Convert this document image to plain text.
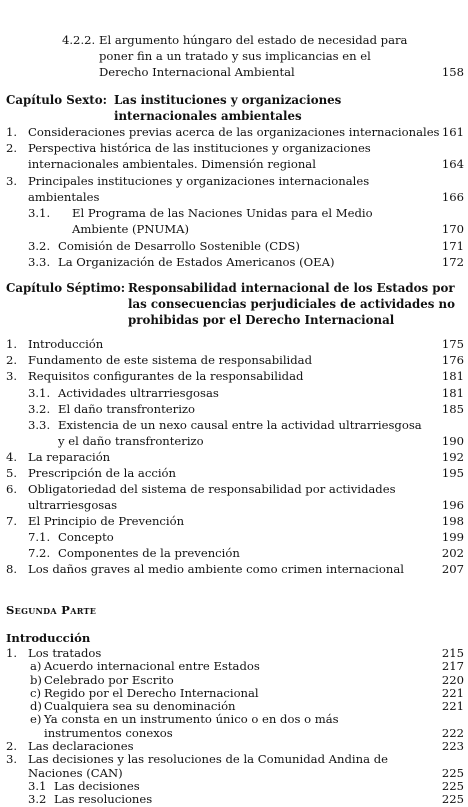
4.2.2. El argumento húngaro del estado de necesidad para
poner fin a un tratado y sus implicancias en el
Derecho Internacional Ambiental	158
Capítulo Sexto: Las instituciones y organizaciones
internacionales ambientales
1. Consideraciones previas acerca de las organizaciones internacionales 161
2. Perspectiva histórica de las instituciones y organizaciones
internacionales ambientales. Dimensión regional	164
3. Principales instituciones y organizaciones internacionales
ambientales	166
3.1. El Programa de las Naciones Unidas para el Medio
Ambiente (PNUMA)	170
3.2. Comisión de Desarrollo Sostenible (CDS)	171
3.3. La Organización de Estados Americanos (OEA)	172
Capítulo Séptimo: Responsabilidad internacional de los Estados por
las consecuencias perjudiciales de actividades no
prohibidas por el Derecho Internacional
1. Introducción	175
2. Fundamento de este sistema de responsabilidad	176
3. Requisitos configurantes de la responsabilidad	181
3.1. Actividades ultrarriesgosas	181
3.2. El daño transfronterizo	185
3.3. Existencia de un nexo causal entre la actividad ultrarriesgosa
y el daño transfronterizo	190
4. La reparación	192
5. Prescripción de la acción	195
6. Obligatoriedad del sistema de responsabilidad por actividades
ultrarriesgosas	196
7. El Principio de Prevención	198
7.1. Concepto	199
7.2. Componentes de la prevención	202
8. Los daños graves al medio ambiente como crimen internacional	207
Segunda Parte
Introducción
1. Los tratados	215
a) Acuerdo internacional entre Estados	217
b) Celebrado por Escrito	220
c) Regido por el Derecho Internacional	221
d) Cualquiera sea su denominación	221
e) Ya consta en un instrumento único o en dos o más
instrumentos conexos	222
2. Las declaraciones	223
3. Las decisiones y las resoluciones de la Comunidad Andina de
Naciones (CAN)	225
3.1 Las decisiones	225
3.2 Las resoluciones	225
